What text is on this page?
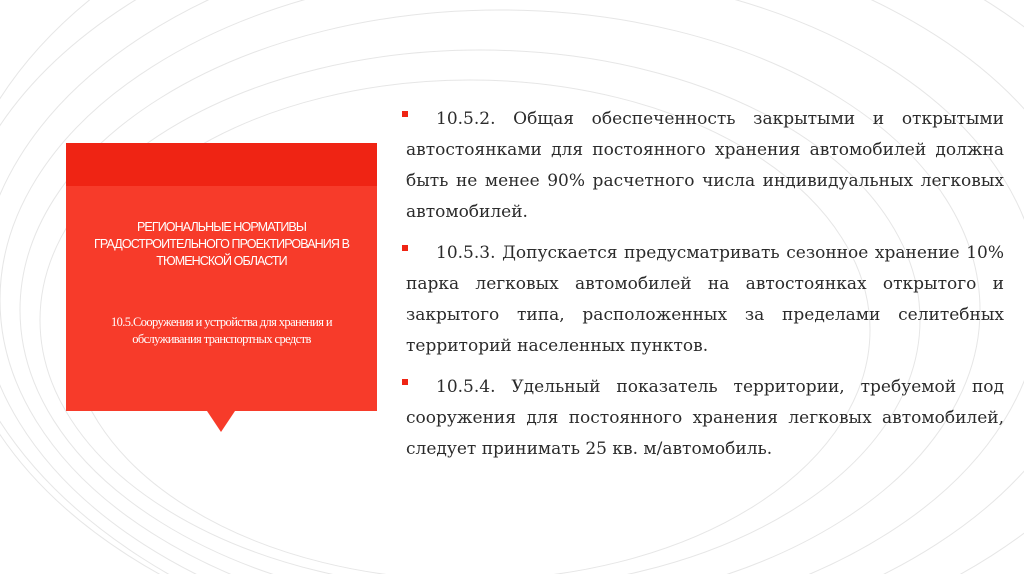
РЕГИОНАЛЬНЫЕ НОРМАТИВЫ ГРАДОСТРОИТЕЛЬНОГО ПРОЕКТИРОВАНИЯ В ТЮМЕНСКОЙ ОБЛАСТИ
10.5.Сооружения и устройства для хранения и обслуживания транспортных средств
10.5.2. Общая обеспеченность закрытыми и открытыми автостоянками для постоянного хранения автомобилей должна быть не менее 90% расчетного числа индивидуальных легковых автомобилей.
10.5.3. Допускается предусматривать сезонное хранение 10% парка легковых автомобилей на автостоянках открытого и закрытого типа, расположенных за пределами селитебных территорий населенных пунктов.
10.5.4. Удельный показатель территории, требуемой под сооружения для постоянного хранения легковых автомобилей, следует принимать 25 кв. м/автомобиль.
